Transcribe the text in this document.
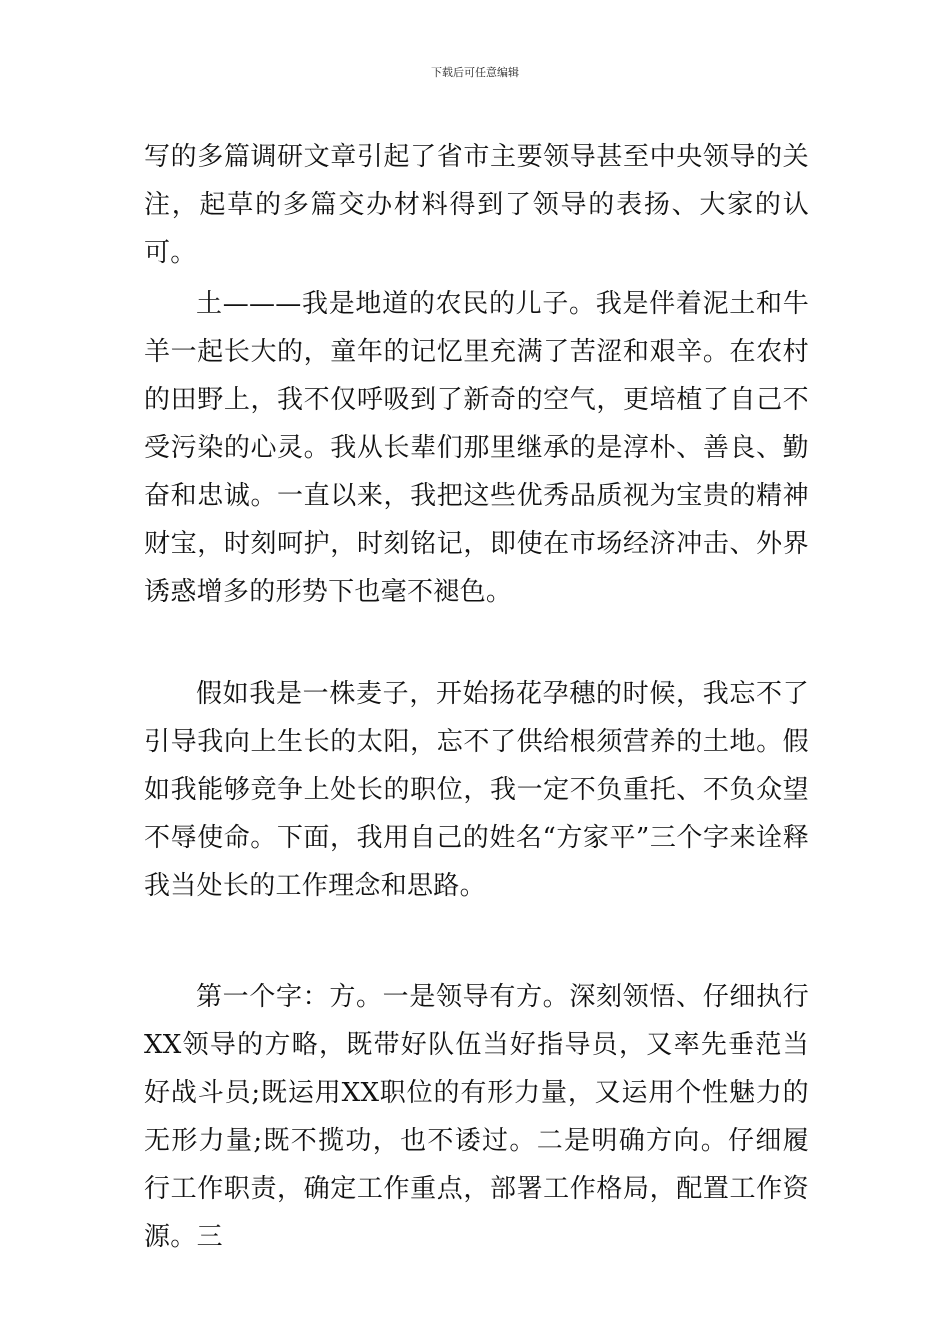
下载后可任意编辑

写的多篇调研文章引起了省市主要领导甚至中央领导的关注，起草的多篇交办材料得到了领导的表扬、大家的认可。

土———我是地道的农民的儿子。我是伴着泥土和牛羊一起长大的，童年的记忆里充满了苦涩和艰辛。在农村的田野上，我不仅呼吸到了新奇的空气，更培植了自己不受污染的心灵。我从长辈们那里继承的是淳朴、善良、勤奋和忠诚。一直以来，我把这些优秀品质视为宝贵的精神财宝，时刻呵护，时刻铭记，即使在市场经济冲击、外界诱惑增多的形势下也毫不褪色。

假如我是一株麦子，开始扬花孕穗的时候，我忘不了引导我向上生长的太阳，忘不了供给根须营养的土地。假如我能够竞争上处长的职位，我一定不负重托、不负众望不辱使命。下面，我用自己的姓名“方家平”三个字来诠释我当处长的工作理念和思路。

第一个字：方。一是领导有方。深刻领悟、仔细执行XX领导的方略，既带好队伍当好指导员，又率先垂范当好战斗员;既运用XX职位的有形力量，又运用个性魅力的无形力量;既不揽功，也不诿过。二是明确方向。仔细履行工作职责，确定工作重点，部署工作格局，配置工作资源。三
